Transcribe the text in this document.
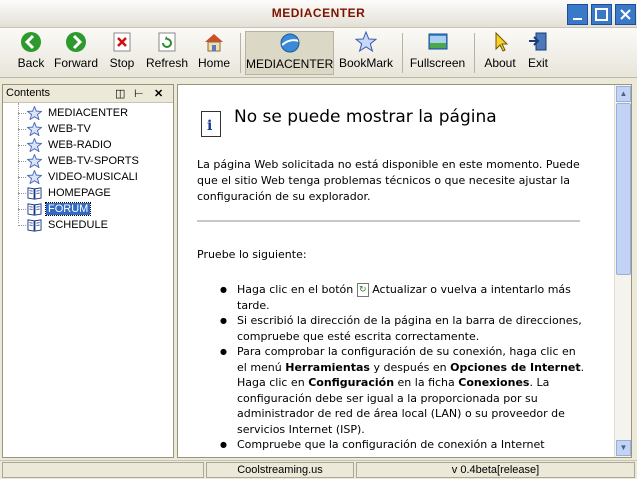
MEDIACENTER
Back Forward Stop Refresh Home MEDIACENTER BookMark Fullscreen About Exit
Contents	◫ ⊢ ✕
MEDIACENTER
WEB-TV
WEB-RADIO
WEB-TV-SPORTS
VIDEO-MUSICALI
HOMEPAGE
FORUM
SCHEDULE
i No se puede mostrar la página
La página Web solicitada no está disponible en este momento. Puede que el sitio Web tenga problemas técnicos o que necesite ajustar la configuración de su explorador.
Pruebe lo siguiente:
● Haga clic en el botón ↻ Actualizar o vuelva a intentarlo más tarde.
● Si escribió la dirección de la página en la barra de direcciones, compruebe que esté escrita correctamente.
● Para comprobar la configuración de su conexión, haga clic en el menú Herramientas y después en Opciones de Internet. Haga clic en Configuración en la ficha Conexiones. La configuración debe ser igual a la proporcionada por su administrador de red de área local (LAN) o su proveedor de servicios Internet (ISP).
● Compruebe que la configuración de conexión a Internet
▲
▼
Coolstreaming.us	v 0.4beta[release]
